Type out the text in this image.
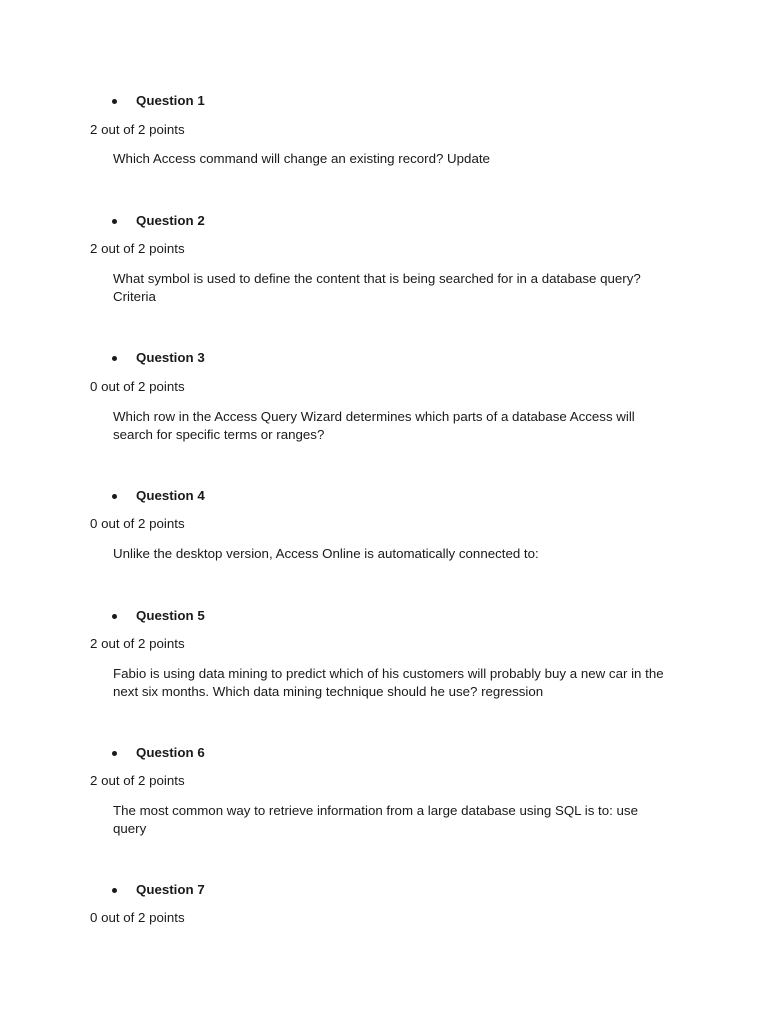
Question 1

2 out of 2 points

Which Access command will change an existing record? Update

Question 2

2 out of 2 points

What symbol is used to define the content that is being searched for in a database query? Criteria

Question 3

0 out of 2 points

Which row in the Access Query Wizard determines which parts of a database Access will search for specific terms or ranges?

Question 4

0 out of 2 points

Unlike the desktop version, Access Online is automatically connected to:

Question 5

2 out of 2 points

Fabio is using data mining to predict which of his customers will probably buy a new car in the next six months. Which data mining technique should he use? regression

Question 6

2 out of 2 points

The most common way to retrieve information from a large database using SQL is to: use query

Question 7

0 out of 2 points
